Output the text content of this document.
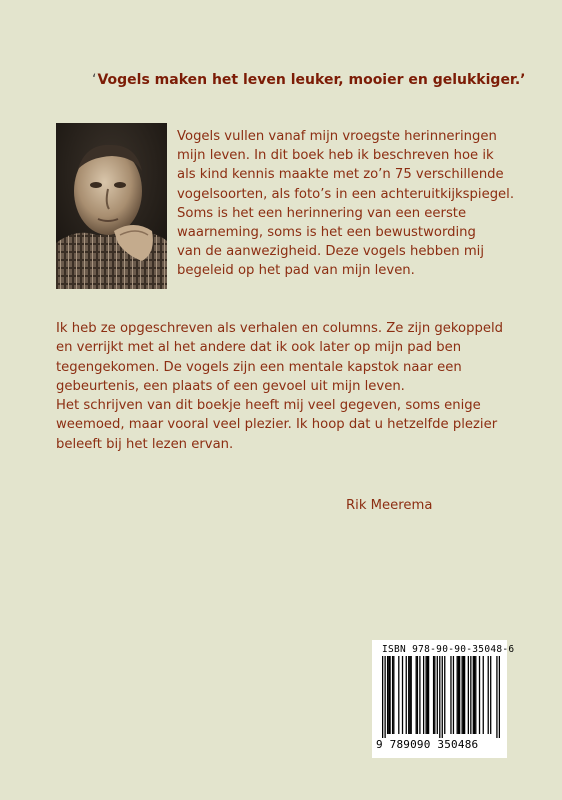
‘Vogels maken het leven leuker, mooier en gelukkiger.’
Vogels vullen vanaf mijn vroegste herinneringen
mijn leven. In dit boek heb ik beschreven hoe ik
als kind kennis maakte met zo’n 75 verschillende
vogelsoorten, als foto’s in een achteruitkijkspiegel.
Soms is het een herinnering van een eerste
waarneming, soms is het een bewustwording
van de aanwezigheid. Deze vogels hebben mij
begeleid op het pad van mijn leven.
Ik heb ze opgeschreven als verhalen en columns. Ze zijn gekoppeld
en verrijkt met al het andere dat ik ook later op mijn pad ben
tegengekomen. De vogels zijn een mentale kapstok naar een
gebeurtenis, een plaats of een gevoel uit mijn leven.
Het schrijven van dit boekje heeft mij veel gegeven, soms enige
weemoed, maar vooral veel plezier. Ik hoop dat u hetzelfde plezier
beleeft bij het lezen ervan.
Rik Meerema
ISBN 978-90-90-35048-6
9 789090 350486
